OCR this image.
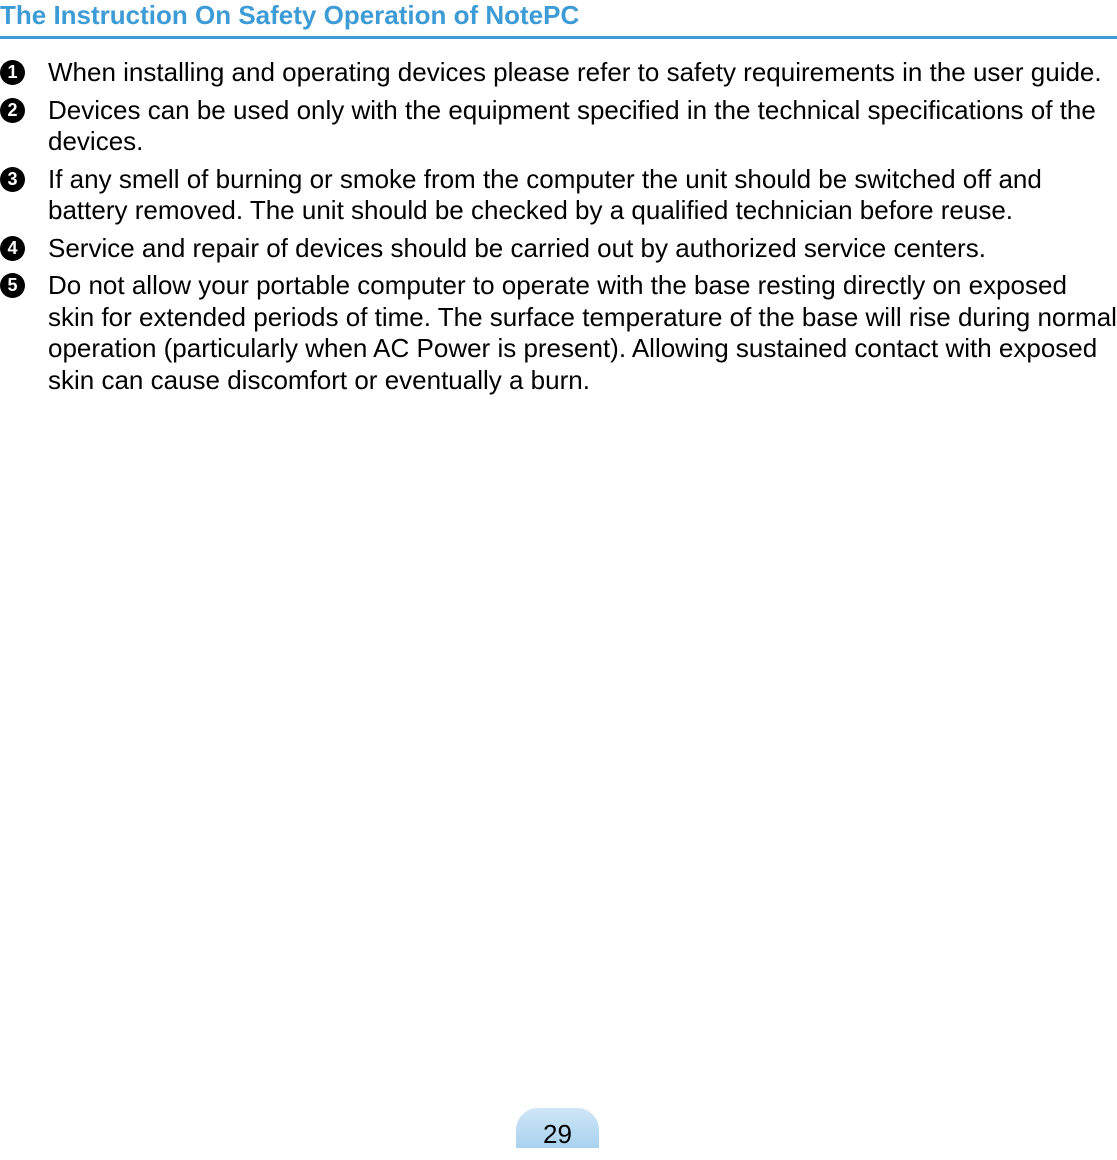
The Instruction On Safety Operation of NotePC
1 When installing and operating devices please refer to safety requirements in the user guide.
2 Devices can be used only with the equipment specified in the technical specifications of the devices.
3 If any smell of burning or smoke from the computer the unit should be switched off and battery removed. The unit should be checked by a qualified technician before reuse.
4 Service and repair of devices should be carried out by authorized service centers.
5 Do not allow your portable computer to operate with the base resting directly on exposed skin for extended periods of time. The surface temperature of the base will rise during normal operation (particularly when AC Power is present). Allowing sustained contact with exposed skin can cause discomfort or eventually a burn.
29
